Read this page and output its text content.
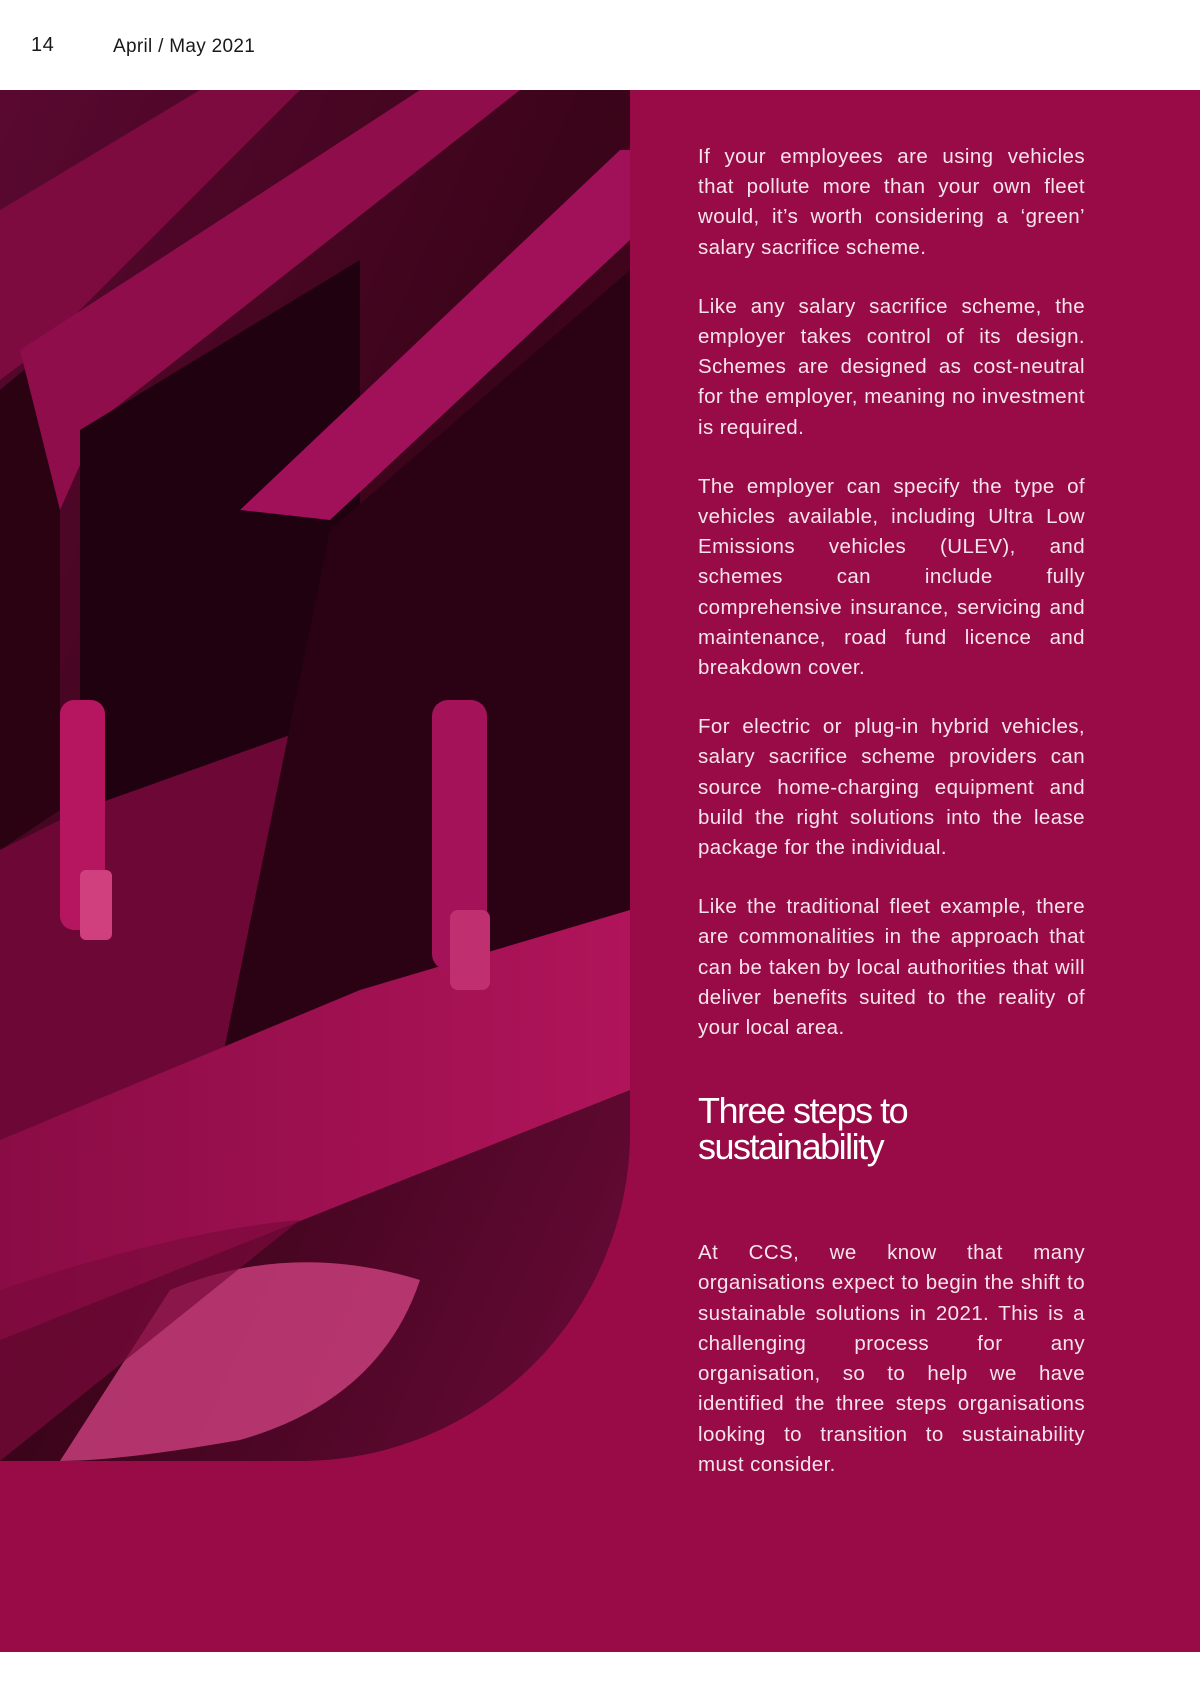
14	April / May 2021

If your employees are using vehicles that pollute more than your own fleet would, it’s worth considering a ‘green’ salary sacrifice scheme.

Like any salary sacrifice scheme, the employer takes control of its design. Schemes are designed as cost-neutral for the employer, meaning no investment is required.

The employer can specify the type of vehicles available, including Ultra Low Emissions vehicles (ULEV), and schemes can include fully comprehensive insurance, servicing and maintenance, road fund licence and breakdown cover.

For electric or plug-in hybrid vehicles, salary sacrifice scheme providers can source home-charging equipment and build the right solutions into the lease package for the individual.

Like the traditional fleet example, there are commonalities in the approach that can be taken by local authorities that will deliver benefits suited to the reality of your local area.

Three steps to
sustainability

At CCS, we know that many organisations expect to begin the shift to sustainable solutions in 2021. This is a challenging process for any organisation, so to help we have identified the three steps organisations looking to transition to sustainability must consider.
